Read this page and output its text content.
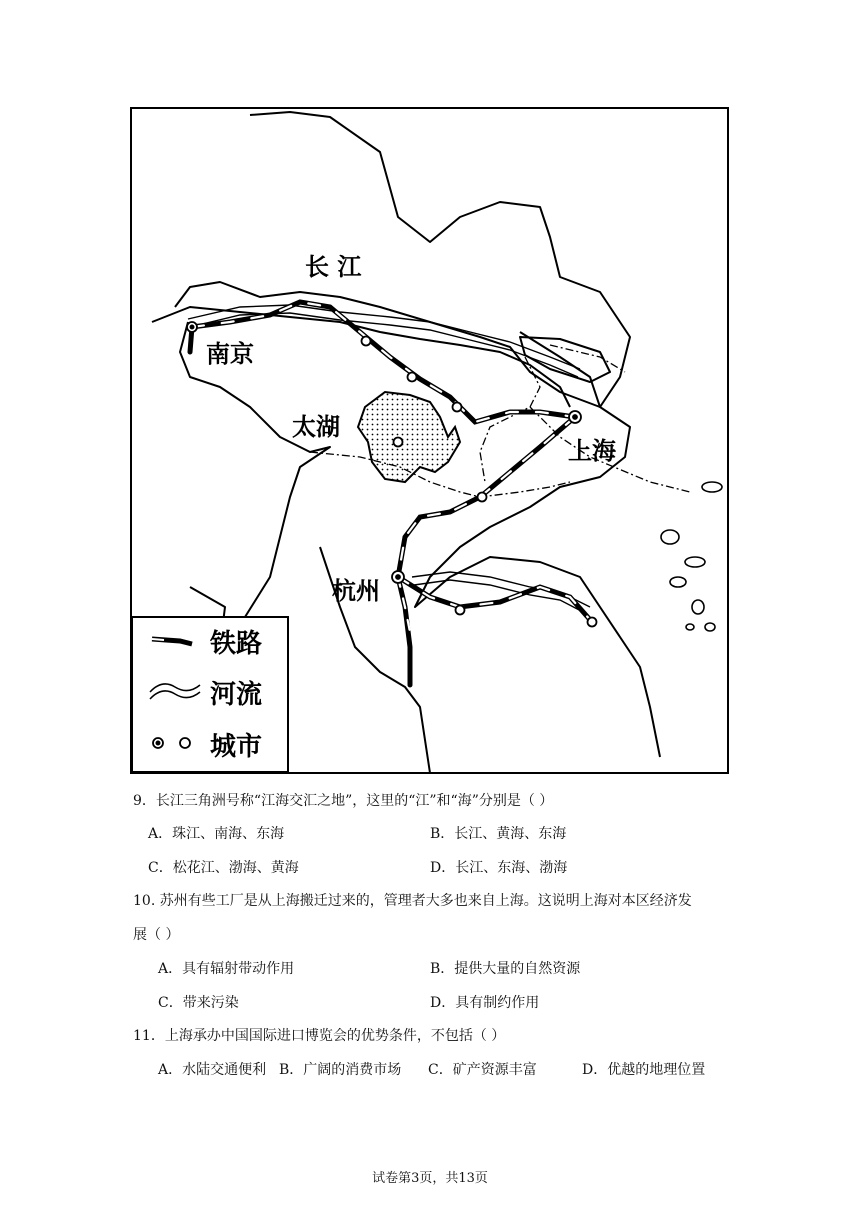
长 江
南京
太湖
上海
杭州
铁路
河流
城市
9．长江三角洲号称“江海交汇之地”，这里的“江”和“海”分别是（ ）
A．珠江、南海、东海	B．长江、黄海、东海
C．松花江、渤海、黄海	D．长江、东海、渤海
10. 苏州有些工厂是从上海搬迁过来的，管理者大多也来自上海。这说明上海对本区经济发
展（ ）
A．具有辐射带动作用	B．提供大量的自然资源
C．带来污染	D．具有制约作用
11．上海承办中国国际进口博览会的优势条件，不包括（ ）
A．水陆交通便利 B．广阔的消费市场 C．矿产资源丰富	D．优越的地理位置
试卷第3页，共13页
